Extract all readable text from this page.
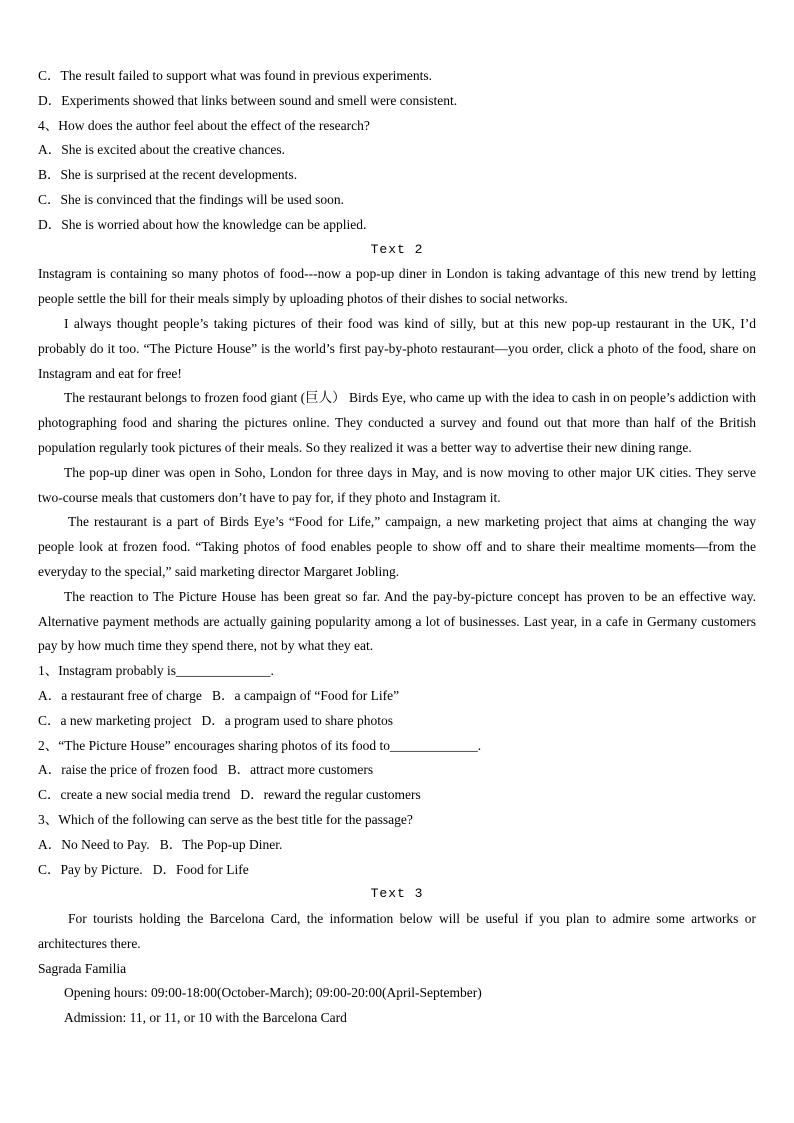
C．The result failed to support what was found in previous experiments.

D．Experiments showed that links between sound and smell were consistent.

4、How does the author feel about the effect of the research?

A．She is excited about the creative chances.

B．She is surprised at the recent developments.

C．She is convinced that the findings will be used soon.

D．She is worried about how the knowledge can be applied.

Text 2

Instagram is containing so many photos of food---now a pop-up diner in London is taking advantage of this new trend by letting people settle the bill for their meals simply by uploading photos of their dishes to social networks.

I always thought people’s taking pictures of their food was kind of silly, but at this new pop-up restaurant in the UK, I’d probably do it too. “The Picture House” is the world’s first pay-by-photo restaurant—you order, click a photo of the food, share on Instagram and eat for free!

The restaurant belongs to frozen food giant (巨人） Birds Eye, who came up with the idea to cash in on people’s addiction with photographing food and sharing the pictures online. They conducted a survey and found out that more than half of the British population regularly took pictures of their meals. So they realized it was a better way to advertise their new dining range.

The pop-up diner was open in Soho, London for three days in May, and is now moving to other major UK cities. They serve two-course meals that customers don’t have to pay for, if they photo and Instagram it.

The restaurant is a part of Birds Eye’s “Food for Life,” campaign, a new marketing project that aims at changing the way people look at frozen food. “Taking photos of food enables people to show off and to share their mealtime moments—from the everyday to the special,” said marketing director Margaret Jobling.

The reaction to The Picture House has been great so far. And the pay-by-picture concept has proven to be an effective way. Alternative payment methods are actually gaining popularity among a lot of businesses. Last year, in a cafe in Germany customers pay by how much time they spend there, not by what they eat.

1、Instagram probably is______________.

A．a restaurant free of charge   B．a campaign of “Food for Life”

C．a new marketing project   D．a program used to share photos

2、“The Picture House” encourages sharing photos of its food to_____________.

A．raise the price of frozen food   B．attract more customers

C．create a new social media trend   D．reward the regular customers

3、Which of the following can serve as the best title for the passage?

A．No Need to Pay.   B．The Pop-up Diner.

C．Pay by Picture.   D．Food for Life

Text 3

For tourists holding the Barcelona Card, the information below will be useful if you plan to admire some artworks or architectures there.

Sagrada Familia

Opening hours: 09:00-18:00(October-March); 09:00-20:00(April-September)

Admission: 11, or 11, or 10 with the Barcelona Card
